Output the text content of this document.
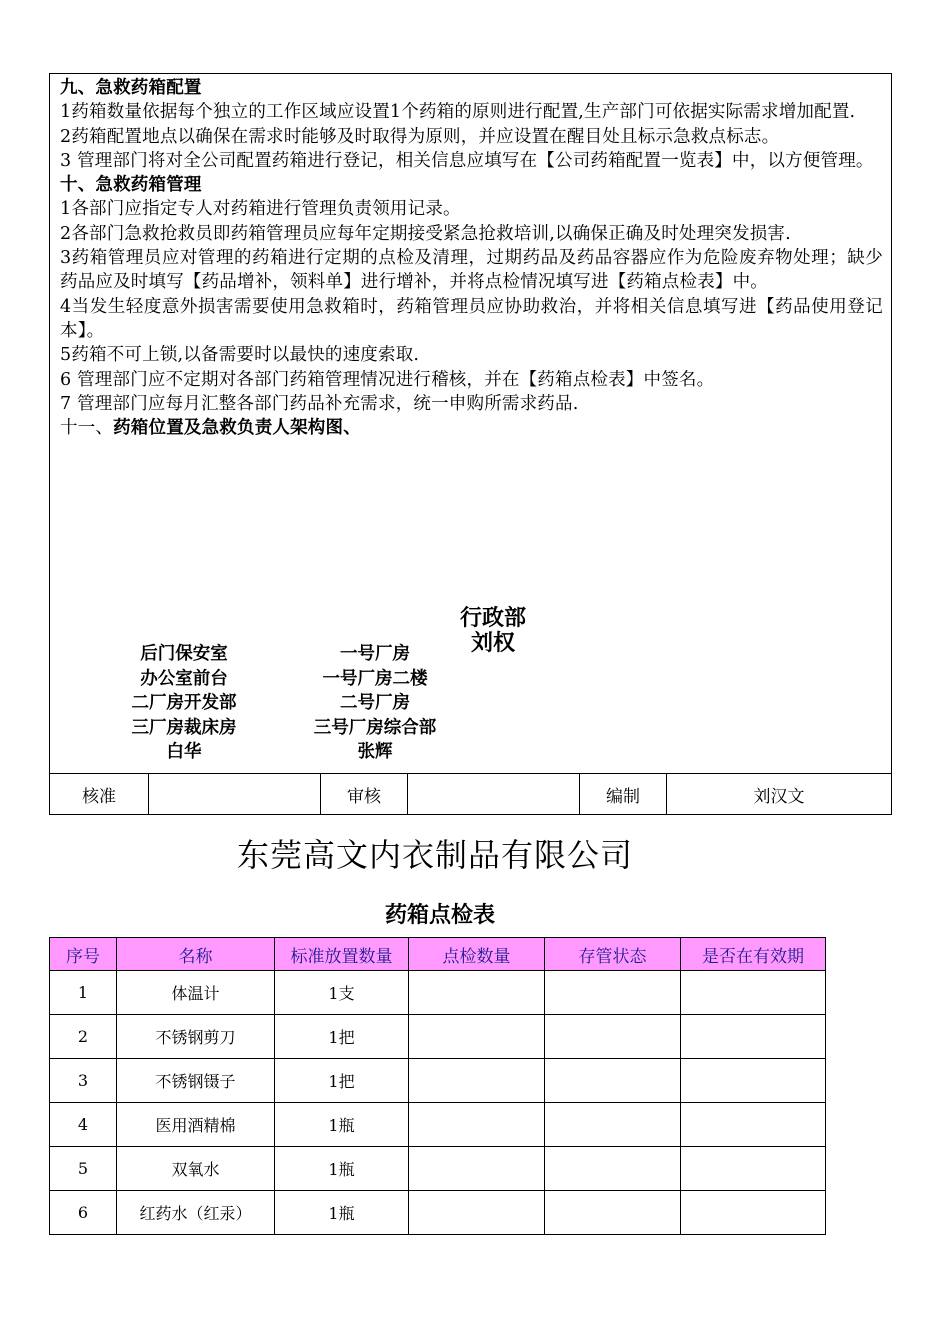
九、急救药箱配置

1药箱数量依据每个独立的工作区域应设置1个药箱的原则进行配置,生产部门可依据实际需求增加配置.

2药箱配置地点以确保在需求时能够及时取得为原则，并应设置在醒目处且标示急救点标志。

3 管理部门将对全公司配置药箱进行登记，相关信息应填写在【公司药箱配置一览表】中，以方便管理。

十、急救药箱管理

1各部门应指定专人对药箱进行管理负责领用记录。

2各部门急救抢救员即药箱管理员应每年定期接受紧急抢救培训,以确保正确及时处理突发损害.

3药箱管理员应对管理的药箱进行定期的点检及清理，过期药品及药品容器应作为危险废弃物处理；缺少药品应及时填写【药品增补，领料单】进行增补，并将点检情况填写进【药箱点检表】中。

4当发生轻度意外损害需要使用急救箱时，药箱管理员应协助救治，并将相关信息填写进【药品使用登记本】。

5药箱不可上锁,以备需要时以最快的速度索取.

6 管理部门应不定期对各部门药箱管理情况进行稽核，并在【药箱点检表】中签名。

7 管理部门应每月汇整各部门药品补充需求，统一申购所需求药品.

十一、药箱位置及急救负责人架构图、

行政部
刘权
后门保安室
办公室前台
二厂房开发部
三厂房裁床房
白华
一号厂房
一号厂房二楼
二号厂房
三号厂房综合部
张辉
核准	审核	编制	刘汉文
东莞高文内衣制品有限公司
药箱点检表
序号	名称	标准放置数量	点检数量	存管状态	是否在有效期
1	体温计	1支			
2	不锈钢剪刀	1把			
3	不锈钢镊子	1把			
4	医用酒精棉	1瓶			
5	双氧水	1瓶			
6	红药水（红汞）	1瓶			
